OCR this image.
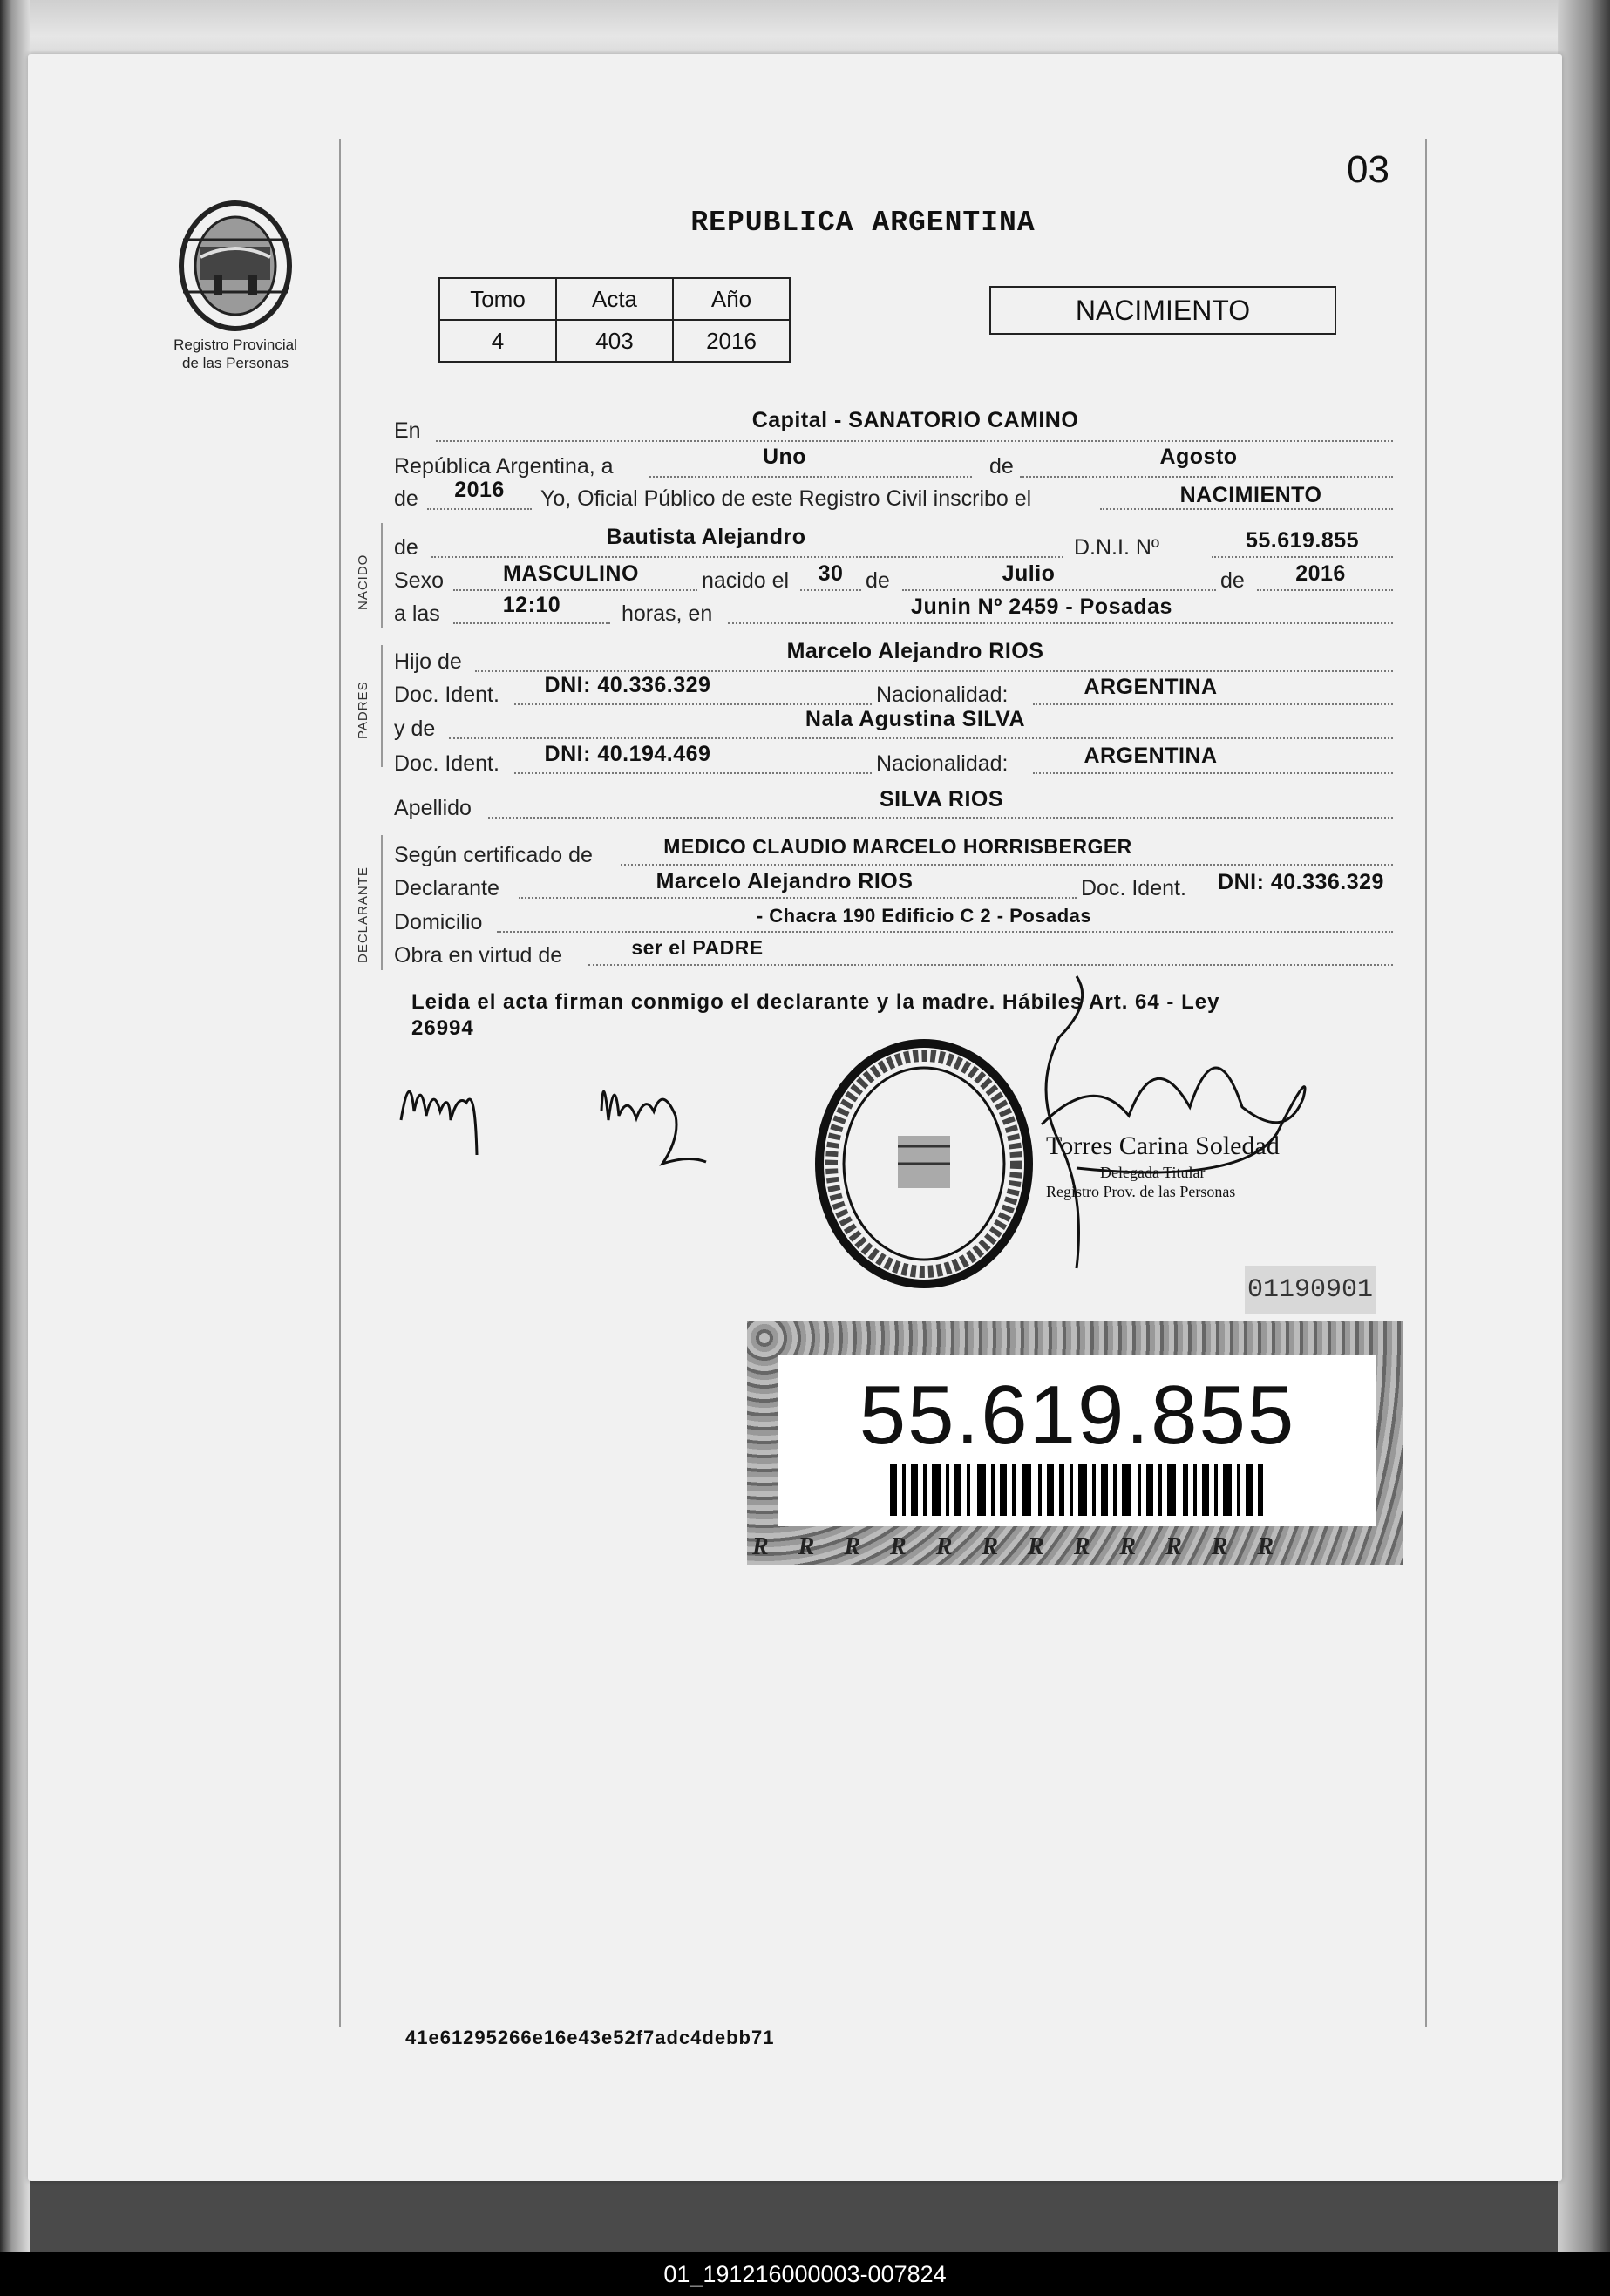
Registro Provincial
de las Personas
03
REPUBLICA ARGENTINA
Tomo	Acta	Año
4	403	2016
NACIMIENTO
En	Capital - SANATORIO CAMINO
República Argentina, a	Uno	de	Agosto
de	2016	Yo, Oficial Público de este Registro Civil inscribo el	NACIMIENTO
NACIDO
de	Bautista Alejandro	D.N.I. Nº	55.619.855
Sexo	MASCULINO	nacido el	30	de	Julio	de	2016
a las	12:10	horas, en	Junin Nº 2459 - Posadas
PADRES
Hijo de	Marcelo Alejandro RIOS
Doc. Ident.	DNI: 40.336.329	Nacionalidad:	ARGENTINA
y de	Nala Agustina SILVA
Doc. Ident.	DNI: 40.194.469	Nacionalidad:	ARGENTINA
Apellido	SILVA RIOS
DECLARANTE
Según certificado de	MEDICO CLAUDIO MARCELO HORRISBERGER
Declarante	Marcelo Alejandro RIOS	Doc. Ident.	DNI: 40.336.329
Domicilio	- Chacra 190 Edificio C 2 - Posadas
Obra en virtud de	ser el PADRE
Leida el acta firman conmigo el declarante y la madre. Hábiles Art. 64 - Ley
26994
Torres Carina Soledad
Delegada Titular
Registro Prov. de las Personas
01190901
55.619.855
RRRRRRRRRRRR
41e61295266e16e43e52f7adc4debb71
01_191216000003-007824
